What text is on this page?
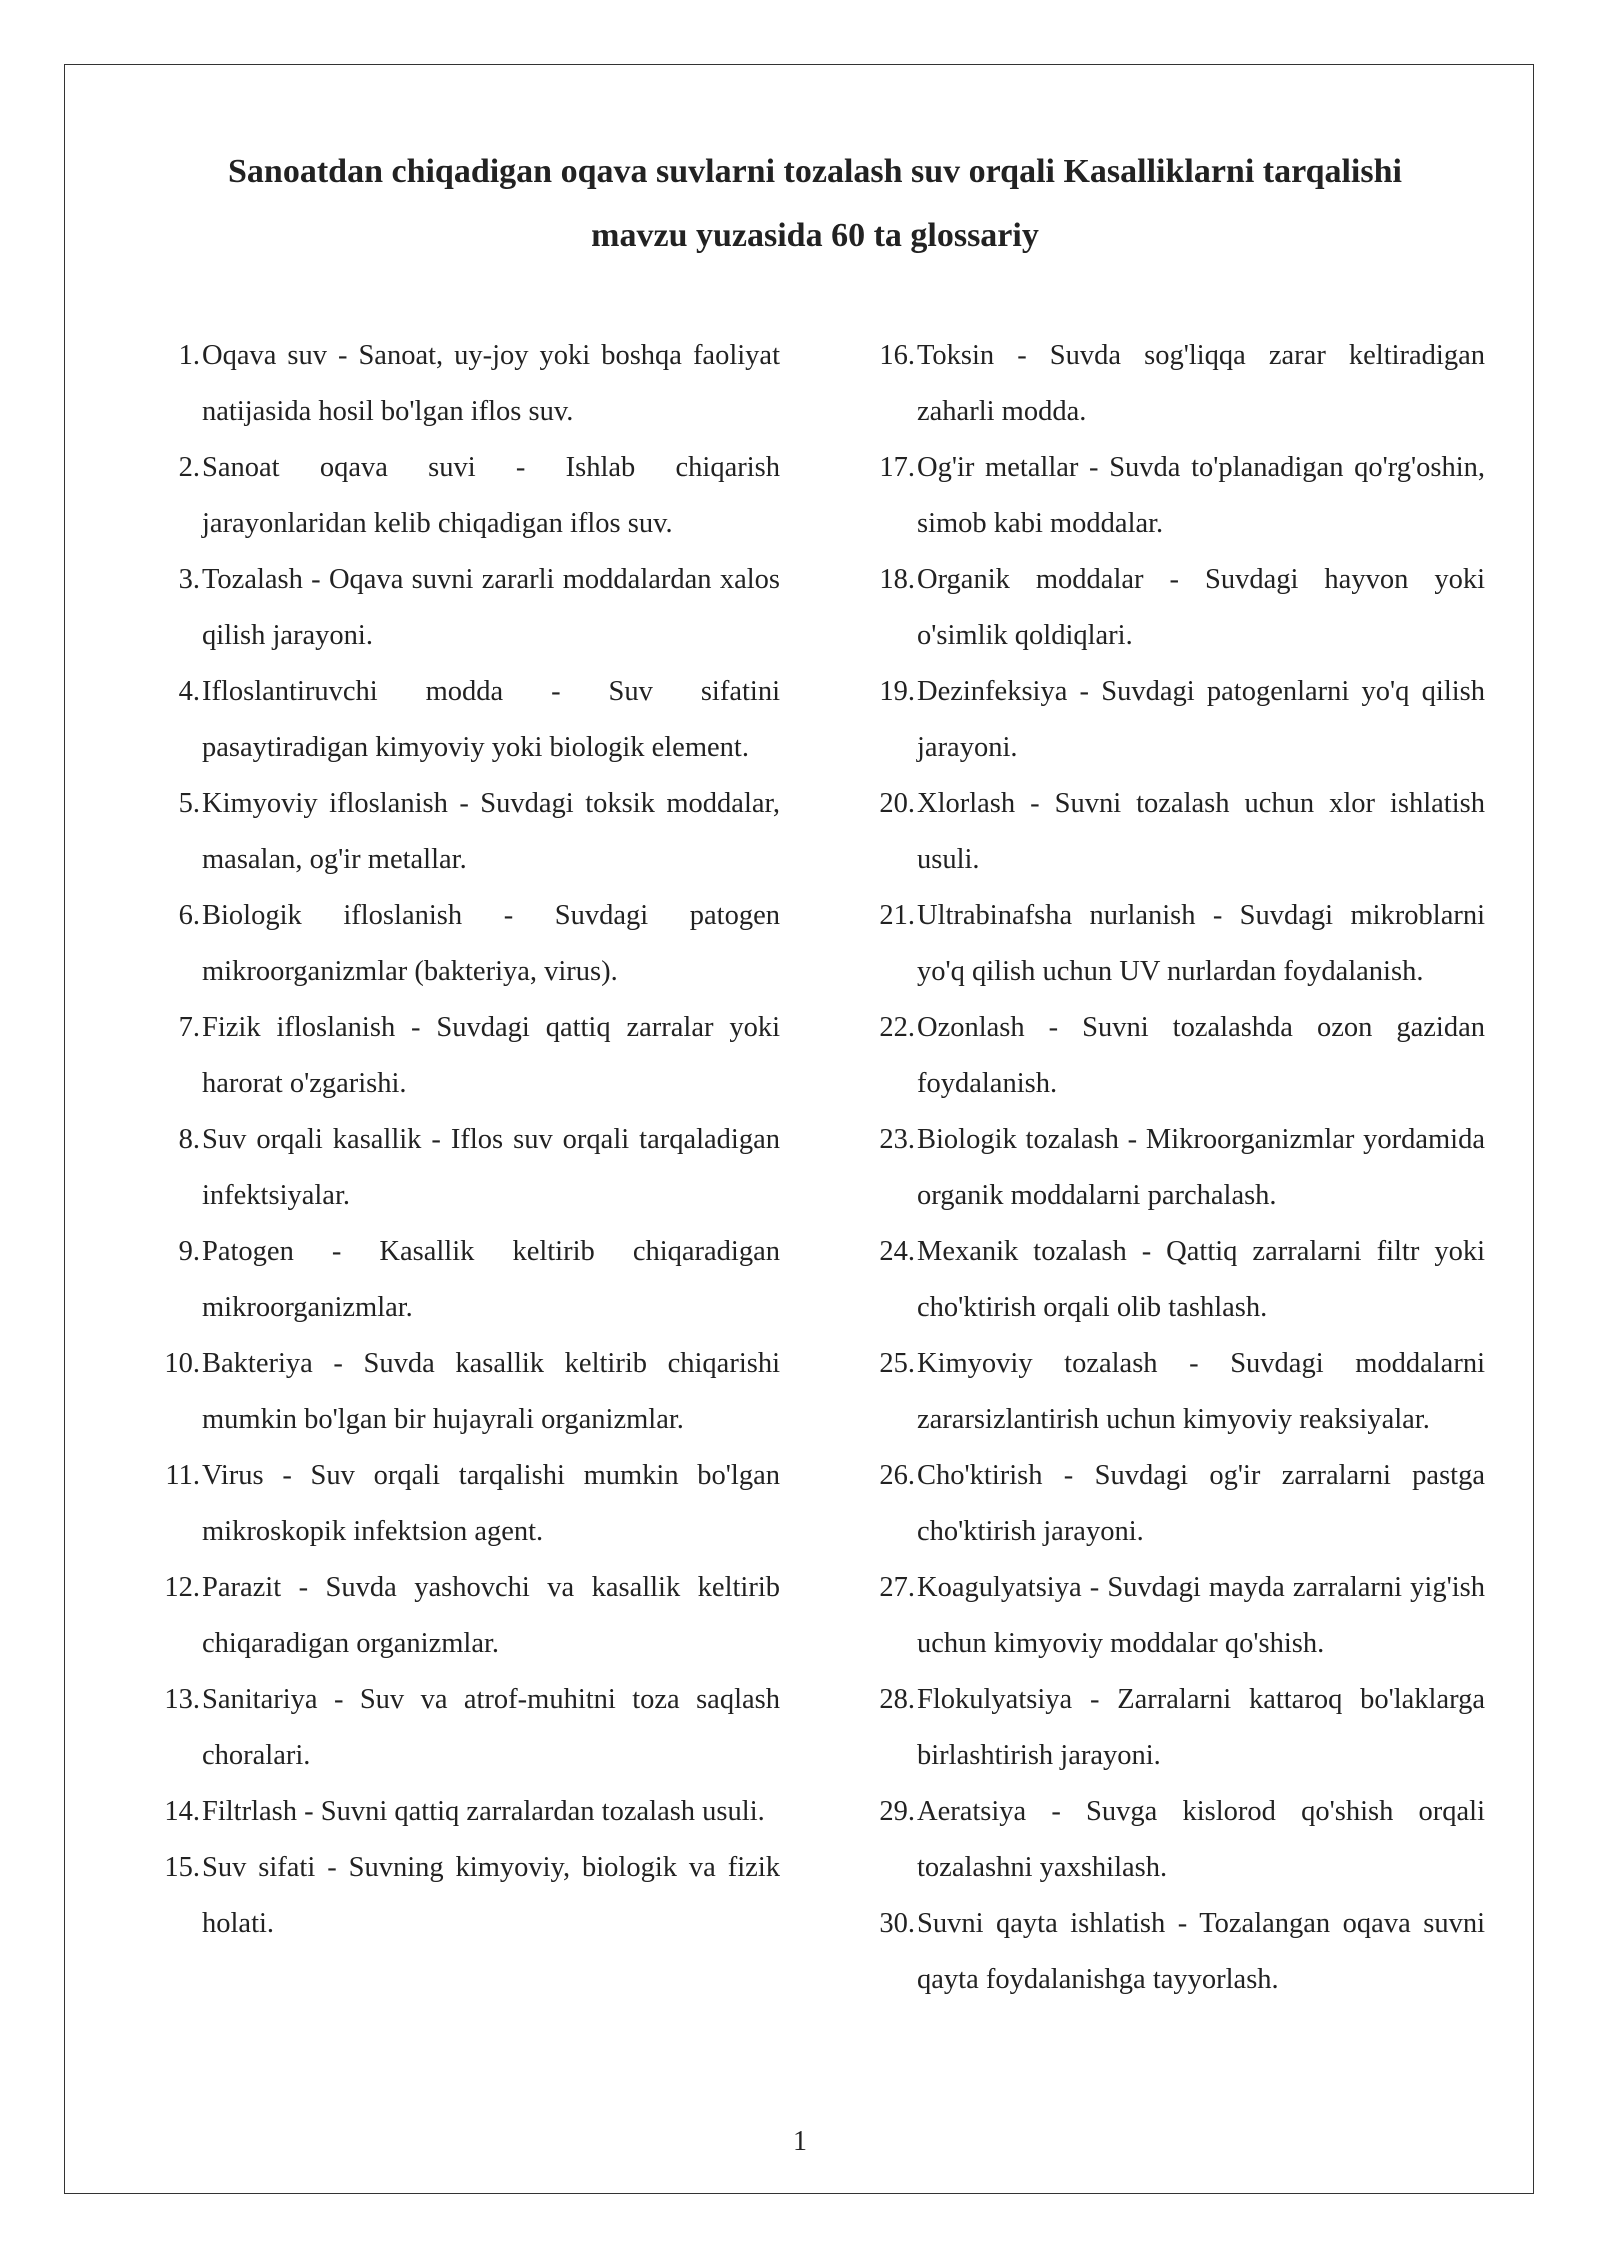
Sanoatdan chiqadigan oqava suvlarni tozalash suv orqali Kasalliklarni tarqalishi
mavzu yuzasida 60 ta glossariy
1. Oqava suv - Sanoat, uy-joy yoki boshqa faoliyat natijasida hosil bo'lgan iflos suv.
2. Sanoat oqava suvi - Ishlab chiqarish jarayonlaridan kelib chiqadigan iflos suv.
3. Tozalash - Oqava suvni zararli moddalardan xalos qilish jarayoni.
4. Ifloslantiruvchi modda - Suv sifatini pasaytiradigan kimyoviy yoki biologik element.
5. Kimyoviy ifloslanish - Suvdagi toksik moddalar, masalan, og'ir metallar.
6. Biologik ifloslanish - Suvdagi patogen mikroorganizmlar (bakteriya, virus).
7. Fizik ifloslanish - Suvdagi qattiq zarralar yoki harorat o'zgarishi.
8. Suv orqali kasallik - Iflos suv orqali tarqaladigan infektsiyalar.
9. Patogen - Kasallik keltirib chiqaradigan mikroorganizmlar.
10. Bakteriya - Suvda kasallik keltirib chiqarishi mumkin bo'lgan bir hujayrali organizmlar.
11. Virus - Suv orqali tarqalishi mumkin bo'lgan mikroskopik infektsion agent.
12. Parazit - Suvda yashovchi va kasallik keltirib chiqaradigan organizmlar.
13. Sanitariya - Suv va atrof-muhitni toza saqlash choralari.
14. Filtrlash - Suvni qattiq zarralardan tozalash usuli.
15. Suv sifati - Suvning kimyoviy, biologik va fizik holati.
16. Toksin - Suvda sog'liqqa zarar keltiradigan zaharli modda.
17. Og'ir metallar - Suvda to'planadigan qo'rg'oshin, simob kabi moddalar.
18. Organik moddalar - Suvdagi hayvon yoki o'simlik qoldiqlari.
19. Dezinfeksiya - Suvdagi patogenlarni yo'q qilish jarayoni.
20. Xlorlash - Suvni tozalash uchun xlor ishlatish usuli.
21. Ultrabinafsha nurlanish - Suvdagi mikroblarni yo'q qilish uchun UV nurlardan foydalanish.
22. Ozonlash - Suvni tozalashda ozon gazidan foydalanish.
23. Biologik tozalash - Mikroorganizmlar yordamida organik moddalarni parchalash.
24. Mexanik tozalash - Qattiq zarralarni filtr yoki cho'ktirish orqali olib tashlash.
25. Kimyoviy tozalash - Suvdagi moddalarni zararsizlantirish uchun kimyoviy reaksiyalar.
26. Cho'ktirish - Suvdagi og'ir zarralarni pastga cho'ktirish jarayoni.
27. Koagulyatsiya - Suvdagi mayda zarralarni yig'ish uchun kimyoviy moddalar qo'shish.
28. Flokulyatsiya - Zarralarni kattaroq bo'laklarga birlashtirish jarayoni.
29. Aeratsiya - Suvga kislorod qo'shish orqali tozalashni yaxshilash.
30. Suvni qayta ishlatish - Tozalangan oqava suvni qayta foydalanishga tayyorlash.
1
